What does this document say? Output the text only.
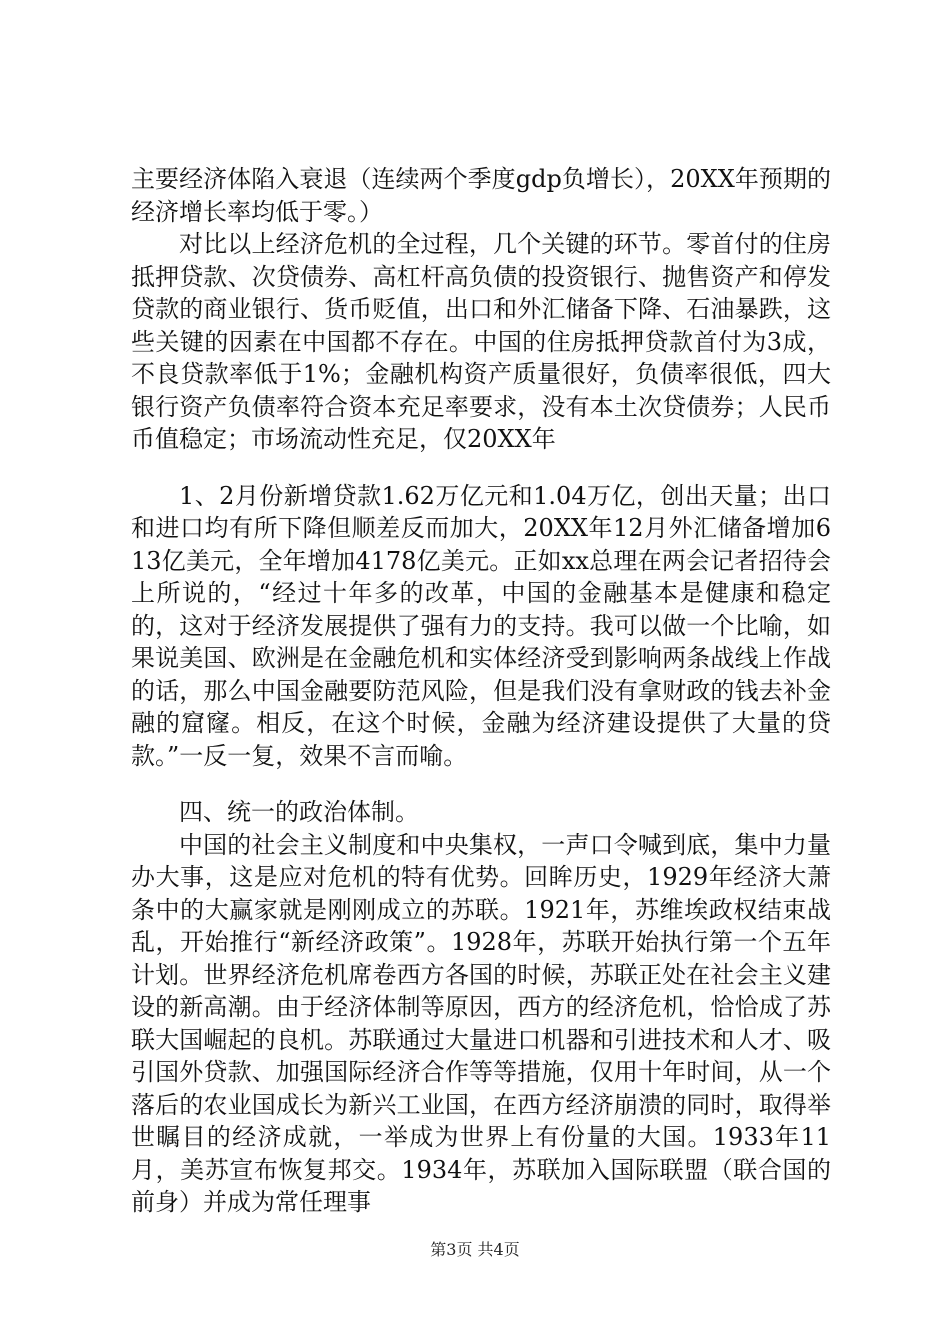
主要经济体陷入衰退（连续两个季度gdp负增长），20XX年预期的经济增长率均低于零。）

对比以上经济危机的全过程，几个关键的环节。零首付的住房抵押贷款、次贷债券、高杠杆高负债的投资银行、抛售资产和停发贷款的商业银行、货币贬值，出口和外汇储备下降、石油暴跌，这些关键的因素在中国都不存在。中国的住房抵押贷款首付为3成，不良贷款率低于1%；金融机构资产质量很好，负债率很低，四大银行资产负债率符合资本充足率要求，没有本土次贷债券；人民币币值稳定；市场流动性充足，仅20XX年

1、2月份新增贷款1.62万亿元和1.04万亿，创出天量；出口和进口均有所下降但顺差反而加大，20XX年12月外汇储备增加613亿美元，全年增加4178亿美元。正如xx总理在两会记者招待会上所说的，“经过十年多的改革，中国的金融基本是健康和稳定的，这对于经济发展提供了强有力的支持。我可以做一个比喻，如果说美国、欧洲是在金融危机和实体经济受到影响两条战线上作战的话，那么中国金融要防范风险，但是我们没有拿财政的钱去补金融的窟窿。相反，在这个时候，金融为经济建设提供了大量的贷款。”一反一复，效果不言而喻。

四、统一的政治体制。

中国的社会主义制度和中央集权，一声口令喊到底，集中力量办大事，这是应对危机的特有优势。回眸历史，1929年经济大萧条中的大赢家就是刚刚成立的苏联。1921年，苏维埃政权结束战乱，开始推行“新经济政策”。1928年，苏联开始执行第一个五年计划。世界经济危机席卷西方各国的时候，苏联正处在社会主义建设的新高潮。由于经济体制等原因，西方的经济危机，恰恰成了苏联大国崛起的良机。苏联通过大量进口机器和引进技术和人才、吸引国外贷款、加强国际经济合作等等措施，仅用十年时间，从一个落后的农业国成长为新兴工业国，在西方经济崩溃的同时，取得举世瞩目的经济成就，一举成为世界上有份量的大国。1933年11月，美苏宣布恢复邦交。1934年，苏联加入国际联盟（联合国的前身）并成为常任理事

第3页 共4页
